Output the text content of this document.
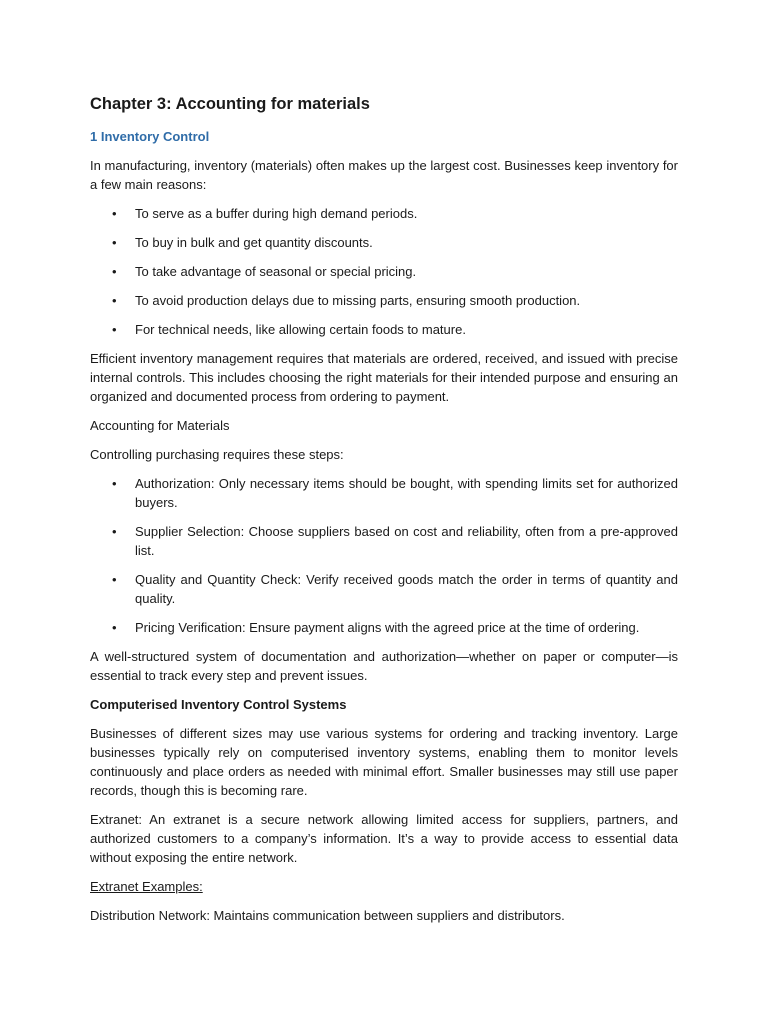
Chapter 3: Accounting for materials
1 Inventory Control

In manufacturing, inventory (materials) often makes up the largest cost. Businesses keep inventory for a few main reasons:

• To serve as a buffer during high demand periods.
• To buy in bulk and get quantity discounts.
• To take advantage of seasonal or special pricing.
• To avoid production delays due to missing parts, ensuring smooth production.
• For technical needs, like allowing certain foods to mature.

Efficient inventory management requires that materials are ordered, received, and issued with precise internal controls. This includes choosing the right materials for their intended purpose and ensuring an organized and documented process from ordering to payment.

Accounting for Materials

Controlling purchasing requires these steps:

• Authorization: Only necessary items should be bought, with spending limits set for authorized buyers.
• Supplier Selection: Choose suppliers based on cost and reliability, often from a pre-approved list.
• Quality and Quantity Check: Verify received goods match the order in terms of quantity and quality.
• Pricing Verification: Ensure payment aligns with the agreed price at the time of ordering.

A well-structured system of documentation and authorization—whether on paper or computer—is essential to track every step and prevent issues.

Computerised Inventory Control Systems

Businesses of different sizes may use various systems for ordering and tracking inventory. Large businesses typically rely on computerised inventory systems, enabling them to monitor levels continuously and place orders as needed with minimal effort. Smaller businesses may still use paper records, though this is becoming rare.

Extranet: An extranet is a secure network allowing limited access for suppliers, partners, and authorized customers to a company’s information. It’s a way to provide access to essential data without exposing the entire network.

Extranet Examples:

Distribution Network: Maintains communication between suppliers and distributors.
